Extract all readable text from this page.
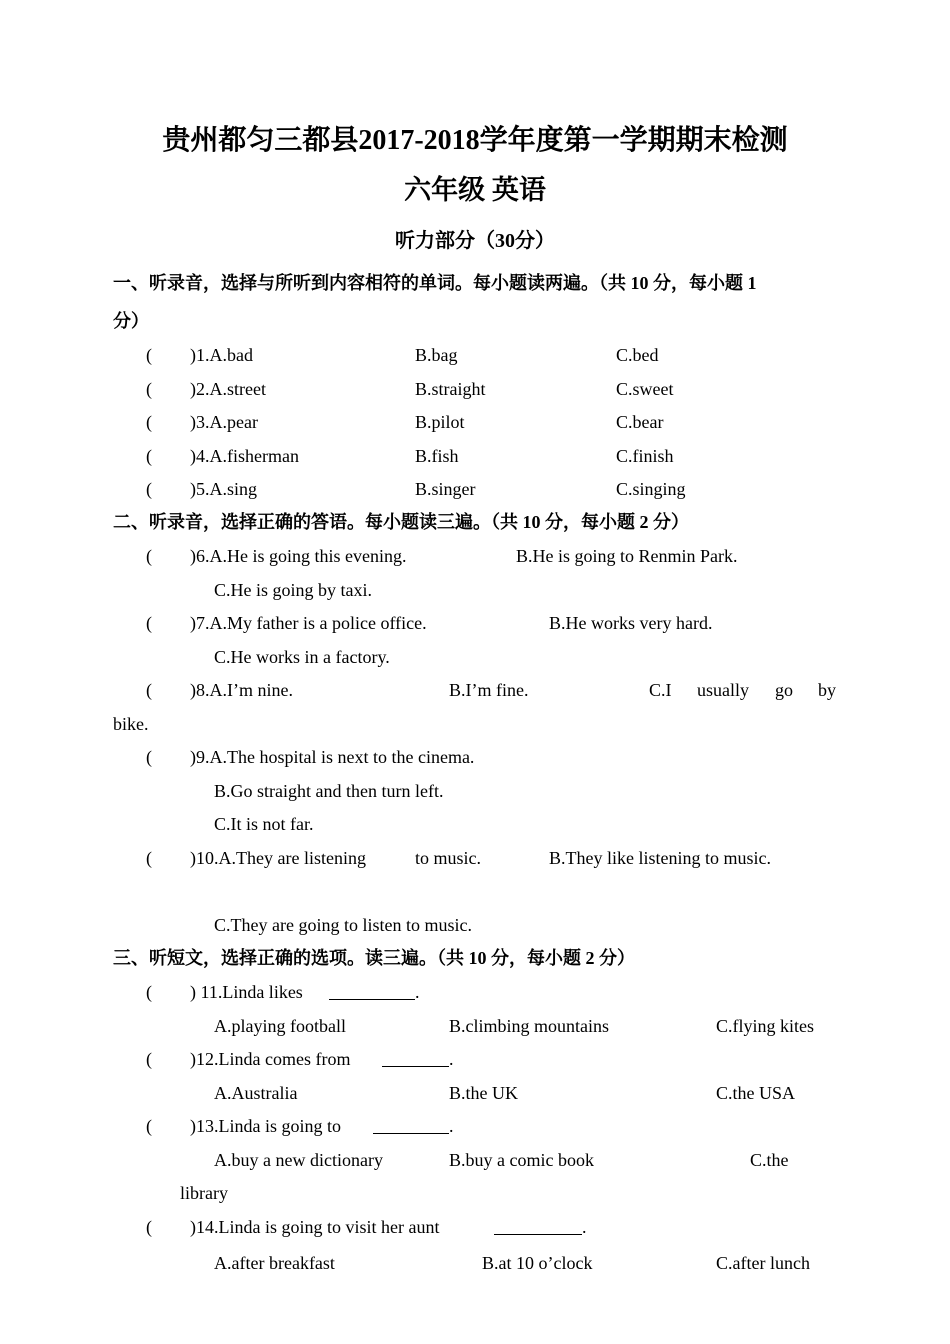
贵州都匀三都县2017-2018学年度第一学期期末检测
六年级 英语
听力部分（30分）
一、听录音，选择与所听到内容相符的单词。每小题读两遍。（共 10 分，每小题 1
分）
( )1.A.bad	B.bag	C.bed
( )2.A.street	B.straight	C.sweet
( )3.A.pear	B.pilot	C.bear
( )4.A.fisherman	B.fish	C.finish
( )5.A.sing	B.singer	C.singing
二、听录音，选择正确的答语。每小题读三遍。（共 10 分，每小题 2 分）
( )6.A.He is going this evening.	B.He is going to Renmin Park.
C.He is going by taxi.
( )7.A.My father is a police office.	B.He works very hard.
C.He works in a factory.
( )8.A.I’m nine.	B.I’m fine.	C.I usually go by
bike.
( )9.A.The hospital is next to the cinema.
B.Go straight and then turn left.
C.It is not far.
( )10.A.They are listening	to music.	B.They like listening to music.
C.They are going to listen to music.
三、听短文，选择正确的选项。读三遍。（共 10 分，每小题 2 分）
( ) 11.Linda likes	.
A.playing football	B.climbing mountains	C.flying kites
( )12.Linda comes from	.
A.Australia	B.the UK	C.the USA
( )13.Linda is going to	.
A.buy a new dictionary	B.buy a comic book	C.the
library
( )14.Linda is going to visit her aunt	.
A.after breakfast	B.at 10 o’clock	C.after lunch
